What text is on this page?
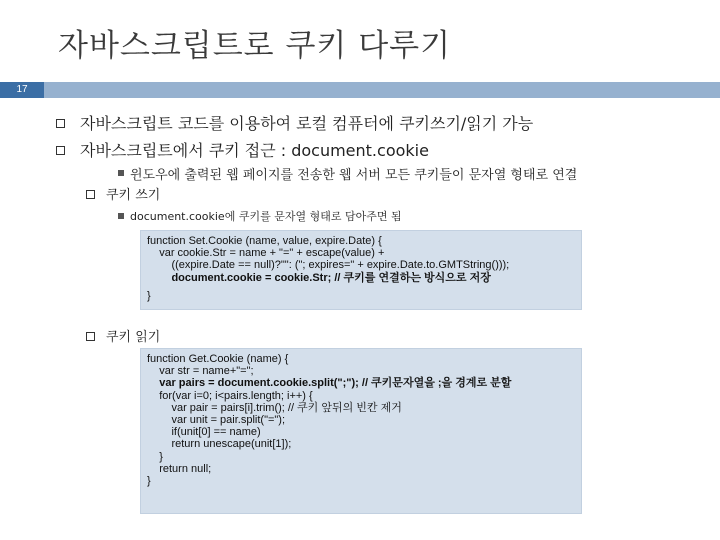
자바스크립트로 쿠키 다루기
17
자바스크립트 코드를 이용하여 로컬 컴퓨터에 쿠키쓰기/읽기 가능
자바스크립트에서 쿠키 접근 : document.cookie
윈도우에 출력된 웹 페이지를 전송한 웹 서버 모든 쿠키들이 문자열 형태로 연결
쿠키 쓰기
document.cookie에 쿠키를 문자열 형태로 담아주면 됨
function Set.Cookie (name, value, expire.Date) {
var cookie.Str = name + "=" + escape(value) +
((expire.Date == null)?"": ("; expires=" + expire.Date.to.GMTString()));
document.cookie = cookie.Str; // 쿠키를 연결하는 방식으로 저장
}
쿠키 읽기
function Get.Cookie (name) {
var str = name+"=";
var pairs = document.cookie.split(";"); // 쿠키문자열을 ;을 경계로 분할
for(var i=0; i<pairs.length; i++) {
var pair = pairs[i].trim(); // 쿠키 앞뒤의 빈칸 제거
var unit = pair.split("=");
if(unit[0] == name)
return unescape(unit[1]);
}
return null;
}
